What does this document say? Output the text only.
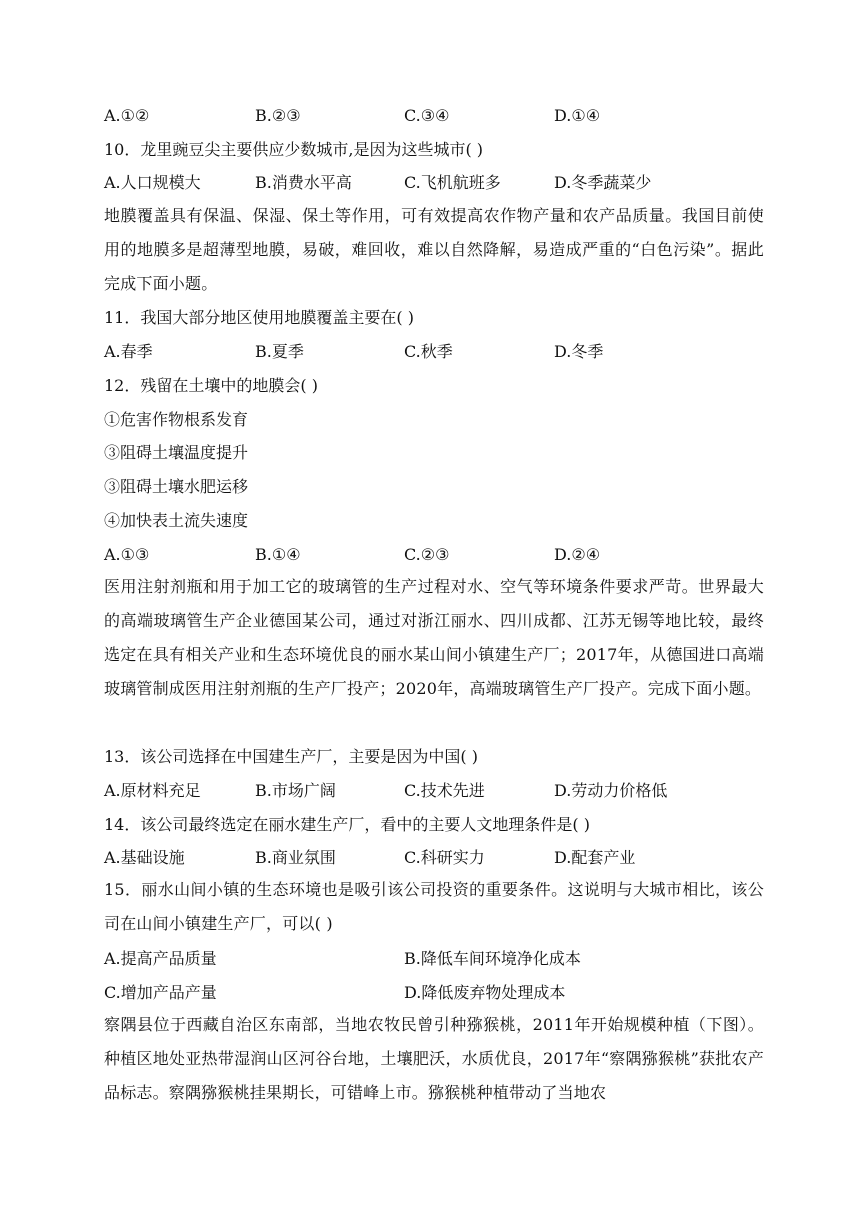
A.①②	B.②③	C.③④	D.①④
10．龙里豌豆尖主要供应少数城市,是因为这些城市( )
A.人口规模大	B.消费水平高	C.飞机航班多	D.冬季蔬菜少
地膜覆盖具有保温、保湿、保土等作用，可有效提高农作物产量和农产品质量。我国目前使用的地膜多是超薄型地膜，易破，难回收，难以自然降解，易造成严重的“白色污染”。据此完成下面小题。
11．我国大部分地区使用地膜覆盖主要在( )
A.春季	B.夏季	C.秋季	D.冬季
12．残留在土壤中的地膜会( )
①危害作物根系发育
③阻碍土壤温度提升
③阻碍土壤水肥运移
④加快表土流失速度
A.①③	B.①④	C.②③	D.②④
医用注射剂瓶和用于加工它的玻璃管的生产过程对水、空气等环境条件要求严苛。世界最大的高端玻璃管生产企业德国某公司，通过对浙江丽水、四川成都、江苏无锡等地比较，最终选定在具有相关产业和生态环境优良的丽水某山间小镇建生产厂；2017年，从德国进口高端玻璃管制成医用注射剂瓶的生产厂投产；2020年，高端玻璃管生产厂投产。完成下面小题。
13．该公司选择在中国建生产厂，主要是因为中国( )
A.原材料充足	B.市场广阔	C.技术先进	D.劳动力价格低
14．该公司最终选定在丽水建生产厂，看中的主要人文地理条件是( )
A.基础设施	B.商业氛围	C.科研实力	D.配套产业
15．丽水山间小镇的生态环境也是吸引该公司投资的重要条件。这说明与大城市相比，该公司在山间小镇建生产厂，可以( )
A.提高产品质量	B.降低车间环境净化成本
C.增加产品产量	D.降低废弃物处理成本
察隅县位于西藏自治区东南部，当地农牧民曾引种猕猴桃，2011年开始规模种植（下图）。种植区地处亚热带湿润山区河谷台地，土壤肥沃，水质优良，2017年“察隅猕猴桃”获批农产品标志。察隅猕猴桃挂果期长，可错峰上市。猕猴桃种植带动了当地农
